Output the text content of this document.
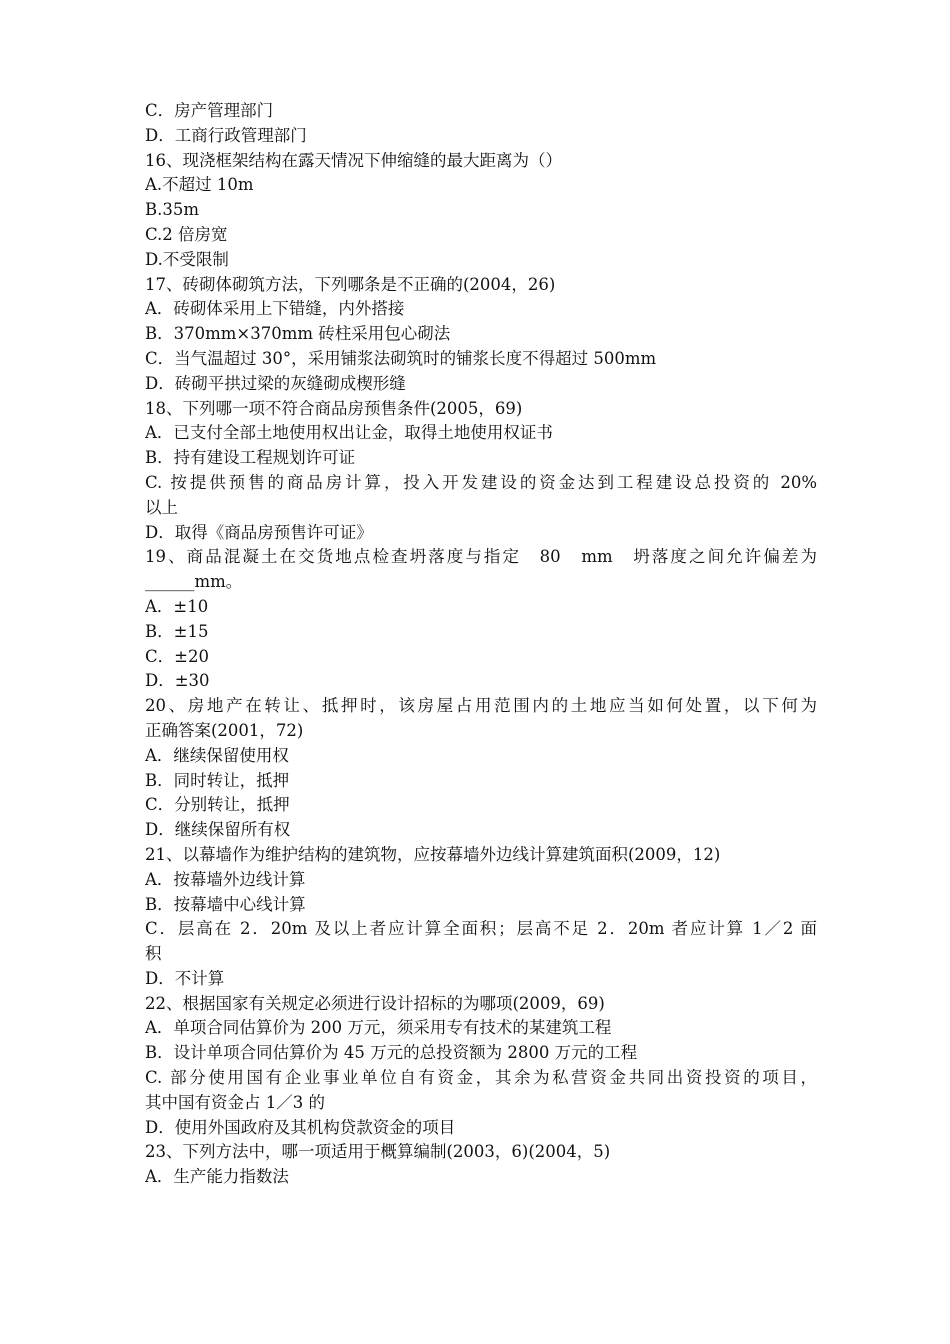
C．房产管理部门
D．工商行政管理部门
16、现浇框架结构在露天情况下伸缩缝的最大距离为（）
A.不超过 10m
B.35m
C.2 倍房宽
D.不受限制
17、砖砌体砌筑方法，下列哪条是不正确的(2004，26)
A．砖砌体采用上下错缝，内外搭接
B．370mm×370mm 砖柱采用包心砌法
C．当气温超过 30°，采用铺浆法砌筑时的铺浆长度不得超过 500mm
D．砖砌平拱过梁的灰缝砌成楔形缝
18、下列哪一项不符合商品房预售条件(2005，69)
A．已支付全部土地使用权出让金，取得土地使用权证书
B．持有建设工程规划许可证
C. 按提供预售的商品房计算，投入开发建设的资金达到工程建设总投资的 20%
以上
D．取得《商品房预售许可证》
19、商品混凝土在交货地点检查坍落度与指定　80　mm　坍落度之间允许偏差为
______mm。
A．±10
B．±15
C．±20
D．±30
20、房地产在转让、抵押时，该房屋占用范围内的土地应当如何处置，以下何为
正确答案(2001，72)
A．继续保留使用权
B．同时转让，抵押
C．分别转让，抵押
D．继续保留所有权
21、以幕墙作为维护结构的建筑物，应按幕墙外边线计算建筑面积(2009，12)
A．按幕墙外边线计算
B．按幕墙中心线计算
C．层高在 2．20m 及以上者应计算全面积；层高不足 2．20m 者应计算 1／2 面
积
D．不计算
22、根据国家有关规定必须进行设计招标的为哪项(2009，69)
A．单项合同估算价为 200 万元，须采用专有技术的某建筑工程
B．设计单项合同估算价为 45 万元的总投资额为 2800 万元的工程
C. 部分使用国有企业事业单位自有资金，其余为私营资金共同出资投资的项目，
其中国有资金占 1／3 的
D．使用外国政府及其机构贷款资金的项目
23、下列方法中，哪一项适用于概算编制(2003，6)(2004，5)
A．生产能力指数法
